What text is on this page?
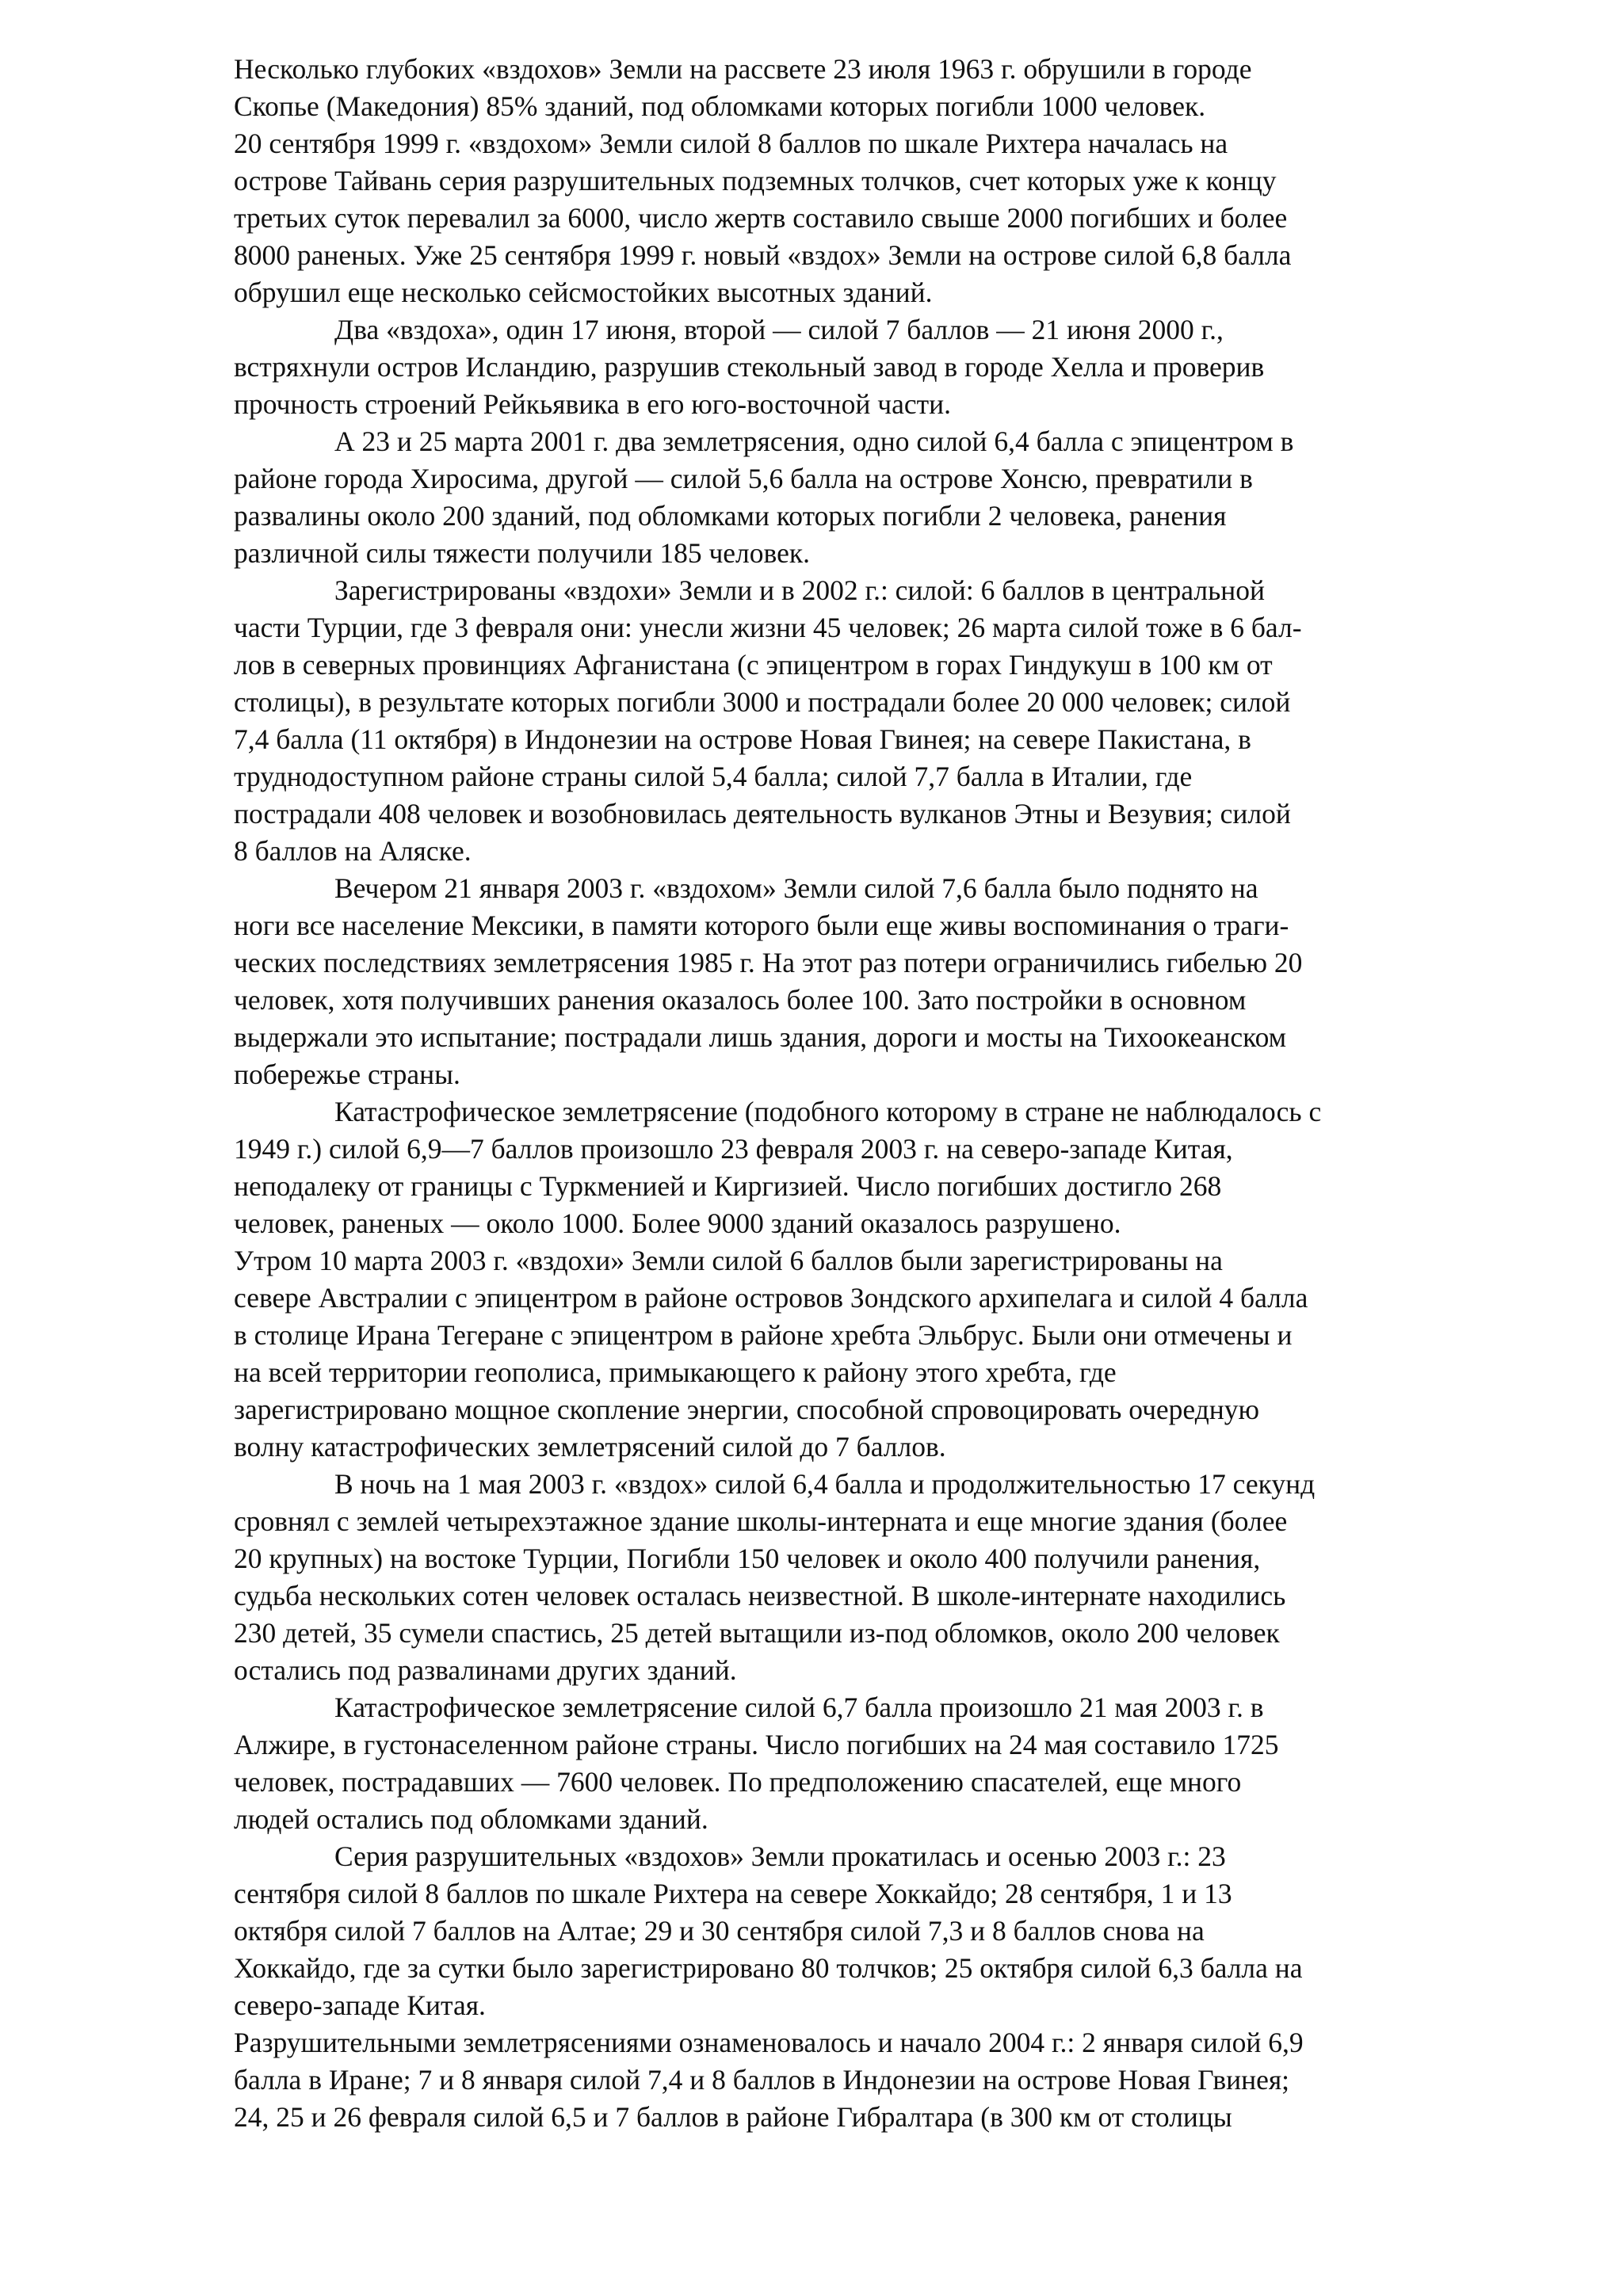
Несколько глубоких «вздохов» Земли на рассвете 23 июля 1963 г. обрушили в городе
Скопье (Македония) 85% зданий, под обломками которых погибли 1000 человек.

20 сентября 1999 г. «вздохом» Земли силой 8 баллов по шкале Рихтера началась на
острове Тайвань серия разрушительных подземных толчков, счет которых уже к концу
третьих суток перевалил за 6000, число жертв составило свыше 2000 погибших и более
8000 раненых. Уже 25 сентября 1999 г. новый «вздох» Земли на острове силой 6,8 балла
обрушил еще несколько сейсмостойких высотных зданий.

Два «вздоха», один 17 июня, второй — силой 7 баллов — 21 июня 2000 г.,
встряхнули остров Исландию, разрушив стекольный завод в городе Хелла и проверив
прочность строений Рейкьявика в его юго-восточной части.

А 23 и 25 марта 2001 г. два землетрясения, одно силой 6,4 балла с эпицентром в
районе города Хиросима, другой — силой 5,6 балла на острове Хонсю, превратили в
развалины около 200 зданий, под обломками которых погибли 2 человека, ранения
различной силы тяжести получили 185 человек.

Зарегистрированы «вздохи» Земли и в 2002 г.: силой: 6 баллов в центральной
части Турции, где 3 февраля они: унесли жизни 45 человек; 26 марта силой тоже в 6 бал-
лов в северных провинциях Афганистана (с эпицентром в горах Гиндукуш в 100 км от
столицы), в результате которых погибли 3000 и пострадали более 20 000 человек; силой
7,4 балла (11 октября) в Индонезии на острове Новая Гвинея; на севере Пакистана, в
труднодоступном районе страны силой 5,4 балла; силой 7,7 балла в Италии, где
пострадали 408 человек и возобновилась деятельность вулканов Этны и Везувия; силой
8 баллов на Аляске.

Вечером 21 января 2003 г. «вздохом» Земли силой 7,6 балла было поднято на
ноги все население Мексики, в памяти которого были еще живы воспоминания о траги-
ческих последствиях землетрясения 1985 г. На этот раз потери ограничились гибелью 20
человек, хотя получивших ранения оказалось более 100. Зато постройки в основном
выдержали это испытание; пострадали лишь здания, дороги и мосты на Тихоокеанском
побережье страны.

Катастрофическое землетрясение (подобного которому в стране не наблюдалось с
1949 г.) силой 6,9—7 баллов произошло 23 февраля 2003 г. на северо-западе Китая,
неподалеку от границы с Туркменией и Киргизией. Число погибших достигло 268
человек, раненых — около 1000. Более 9000 зданий оказалось разрушено.

Утром 10 марта 2003 г. «вздохи» Земли силой 6 баллов были зарегистрированы на
севере Австралии с эпицентром в районе островов Зондского архипелага и силой 4 балла
в столице Ирана Тегеране с эпицентром в районе хребта Эльбрус. Были они отмечены и
на всей территории геополиса, примыкающего к району этого хребта, где
зарегистрировано мощное скопление энергии, способной спровоцировать очередную
волну катастрофических землетрясений силой до 7 баллов.

В ночь на 1 мая 2003 г. «вздох» силой 6,4 балла и продолжительностью 17 секунд
сровнял с землей четырехэтажное здание школы-интерната и еще многие здания (более
20 крупных) на востоке Турции, Погибли 150 человек и около 400 получили ранения,
судьба нескольких сотен человек осталась неизвестной. В школе-интернате находились
230 детей, 35 сумели спастись, 25 детей вытащили из-под обломков, около 200 человек
остались под развалинами других зданий.

Катастрофическое землетрясение силой 6,7 балла произошло 21 мая 2003 г. в
Алжире, в густонаселенном районе страны. Число погибших на 24 мая составило 1725
человек, пострадавших — 7600 человек. По предположению спасателей, еще много
людей остались под обломками зданий.

Серия разрушительных «вздохов» Земли прокатилась и осенью 2003 г.: 23
сентября силой 8 баллов по шкале Рихтера на севере Хоккайдо; 28 сентября, 1 и 13
октября силой 7 баллов на Алтае; 29 и 30 сентября силой 7,3 и 8 баллов снова на
Хоккайдо, где за сутки было зарегистрировано 80 толчков; 25 октября силой 6,3 балла на
северо-западе Китая.

Разрушительными землетрясениями ознаменовалось и начало 2004 г.: 2 января силой 6,9
балла в Иране; 7 и 8 января силой 7,4 и 8 баллов в Индонезии на острове Новая Гвинея;
24, 25 и 26 февраля силой 6,5 и 7 баллов в районе Гибралтара (в 300 км от столицы
